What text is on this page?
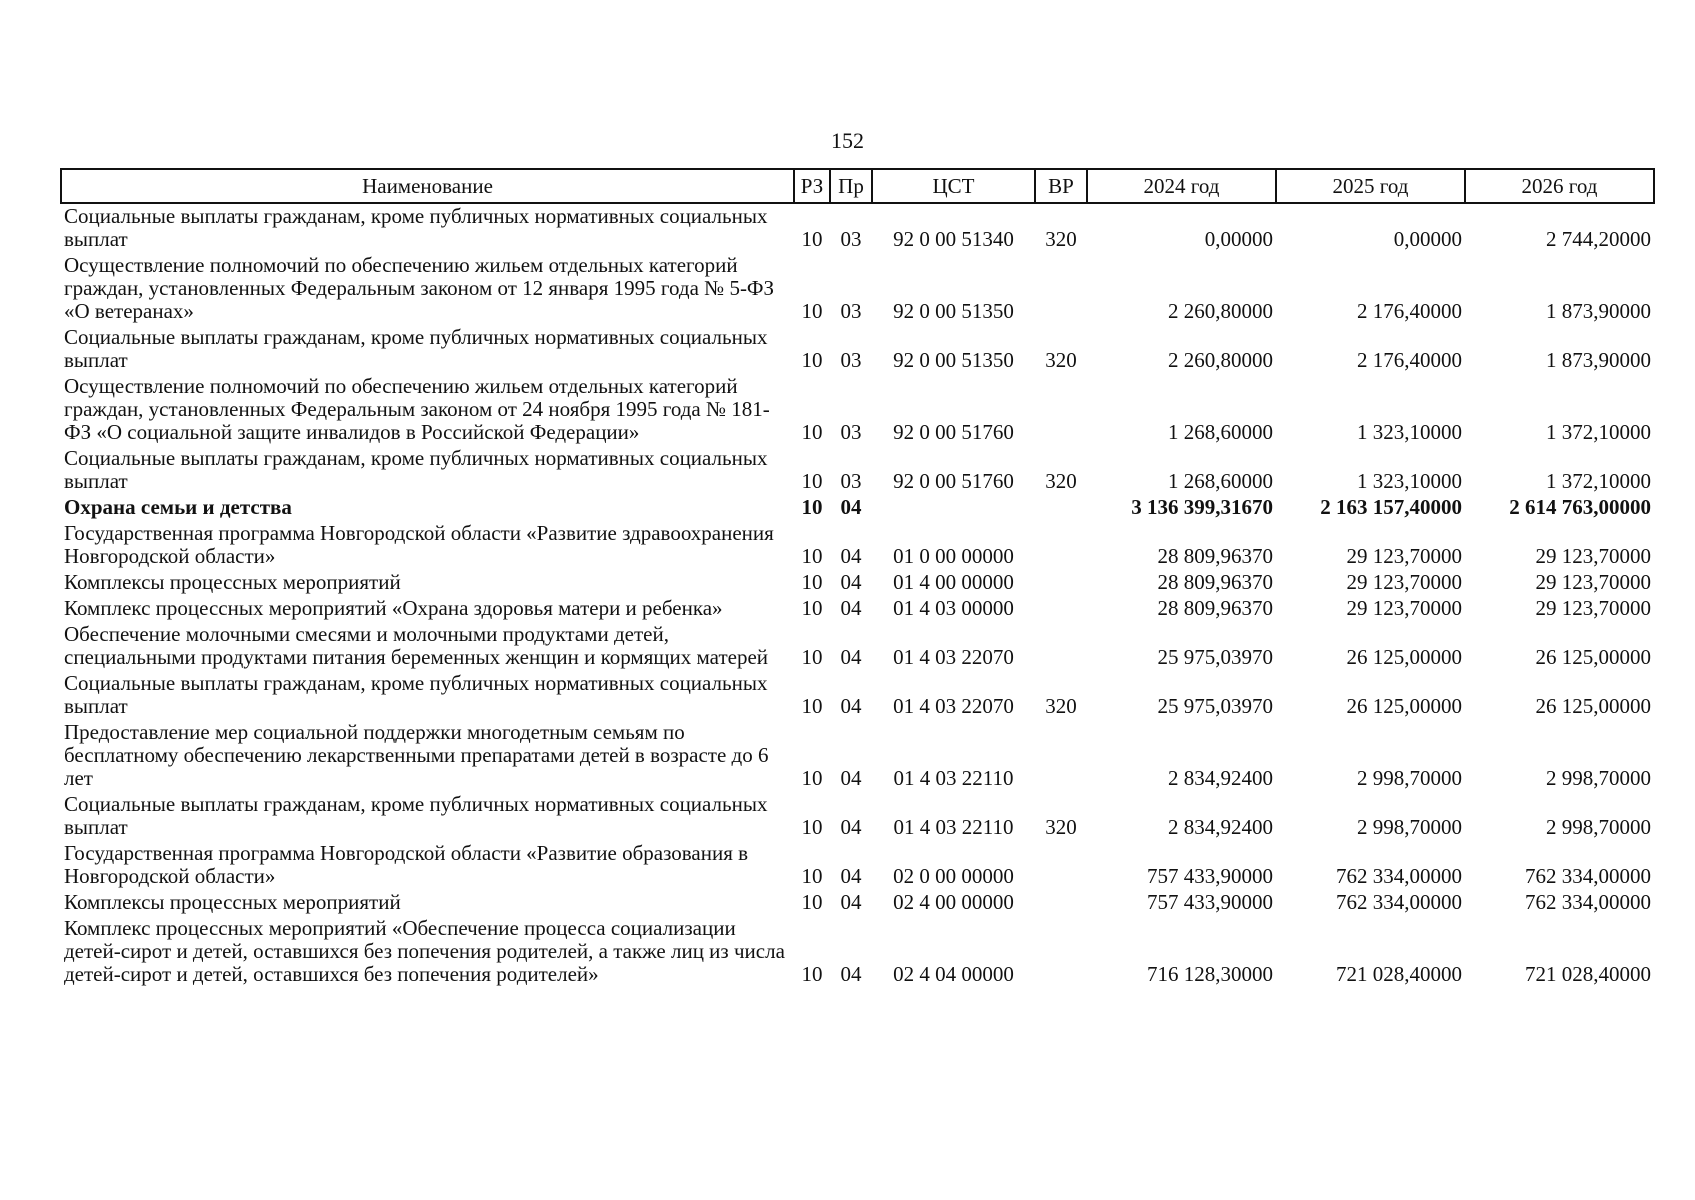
152
Наименование	РЗ	Пр	ЦСТ	ВР	2024 год	2025 год	2026 год
Социальные выплаты гражданам, кроме публичных нормативных социальных выплат	10	03	92 0 00 51340	320	0,00000	0,00000	2 744,20000
Осуществление полномочий по обеспечению жильем отдельных категорий граждан, установленных Федеральным законом от 12 января 1995 года № 5-ФЗ «О ветеранах»	10	03	92 0 00 51350		2 260,80000	2 176,40000	1 873,90000
Социальные выплаты гражданам, кроме публичных нормативных социальных выплат	10	03	92 0 00 51350	320	2 260,80000	2 176,40000	1 873,90000
Осуществление полномочий по обеспечению жильем отдельных категорий граждан, установленных Федеральным законом от 24 ноября 1995 года № 181-ФЗ «О социальной защите инвалидов в Российской Федерации»	10	03	92 0 00 51760		1 268,60000	1 323,10000	1 372,10000
Социальные выплаты гражданам, кроме публичных нормативных социальных выплат	10	03	92 0 00 51760	320	1 268,60000	1 323,10000	1 372,10000
Охрана семьи и детства	10	04			3 136 399,31670	2 163 157,40000	2 614 763,00000
Государственная программа Новгородской области «Развитие здравоохранения Новгородской области»	10	04	01 0 00 00000		28 809,96370	29 123,70000	29 123,70000
Комплексы процессных мероприятий	10	04	01 4 00 00000		28 809,96370	29 123,70000	29 123,70000
Комплекс процессных мероприятий «Охрана здоровья матери и ребенка»	10	04	01 4 03 00000		28 809,96370	29 123,70000	29 123,70000
Обеспечение молочными смесями и молочными продуктами детей, специальными продуктами питания беременных женщин и кормящих матерей	10	04	01 4 03 22070		25 975,03970	26 125,00000	26 125,00000
Социальные выплаты гражданам, кроме публичных нормативных социальных выплат	10	04	01 4 03 22070	320	25 975,03970	26 125,00000	26 125,00000
Предоставление мер социальной поддержки многодетным семьям по бесплатному обеспечению лекарственными препаратами детей в возрасте до 6 лет	10	04	01 4 03 22110		2 834,92400	2 998,70000	2 998,70000
Социальные выплаты гражданам, кроме публичных нормативных социальных выплат	10	04	01 4 03 22110	320	2 834,92400	2 998,70000	2 998,70000
Государственная программа Новгородской области «Развитие образования в Новгородской области»	10	04	02 0 00 00000		757 433,90000	762 334,00000	762 334,00000
Комплексы процессных мероприятий	10	04	02 4 00 00000		757 433,90000	762 334,00000	762 334,00000
Комплекс процессных мероприятий «Обеспечение процесса социализации детей-сирот и детей, оставшихся без попечения родителей, а также лиц из числа детей-сирот и детей, оставшихся без попечения родителей»	10	04	02 4 04 00000		716 128,30000	721 028,40000	721 028,40000
